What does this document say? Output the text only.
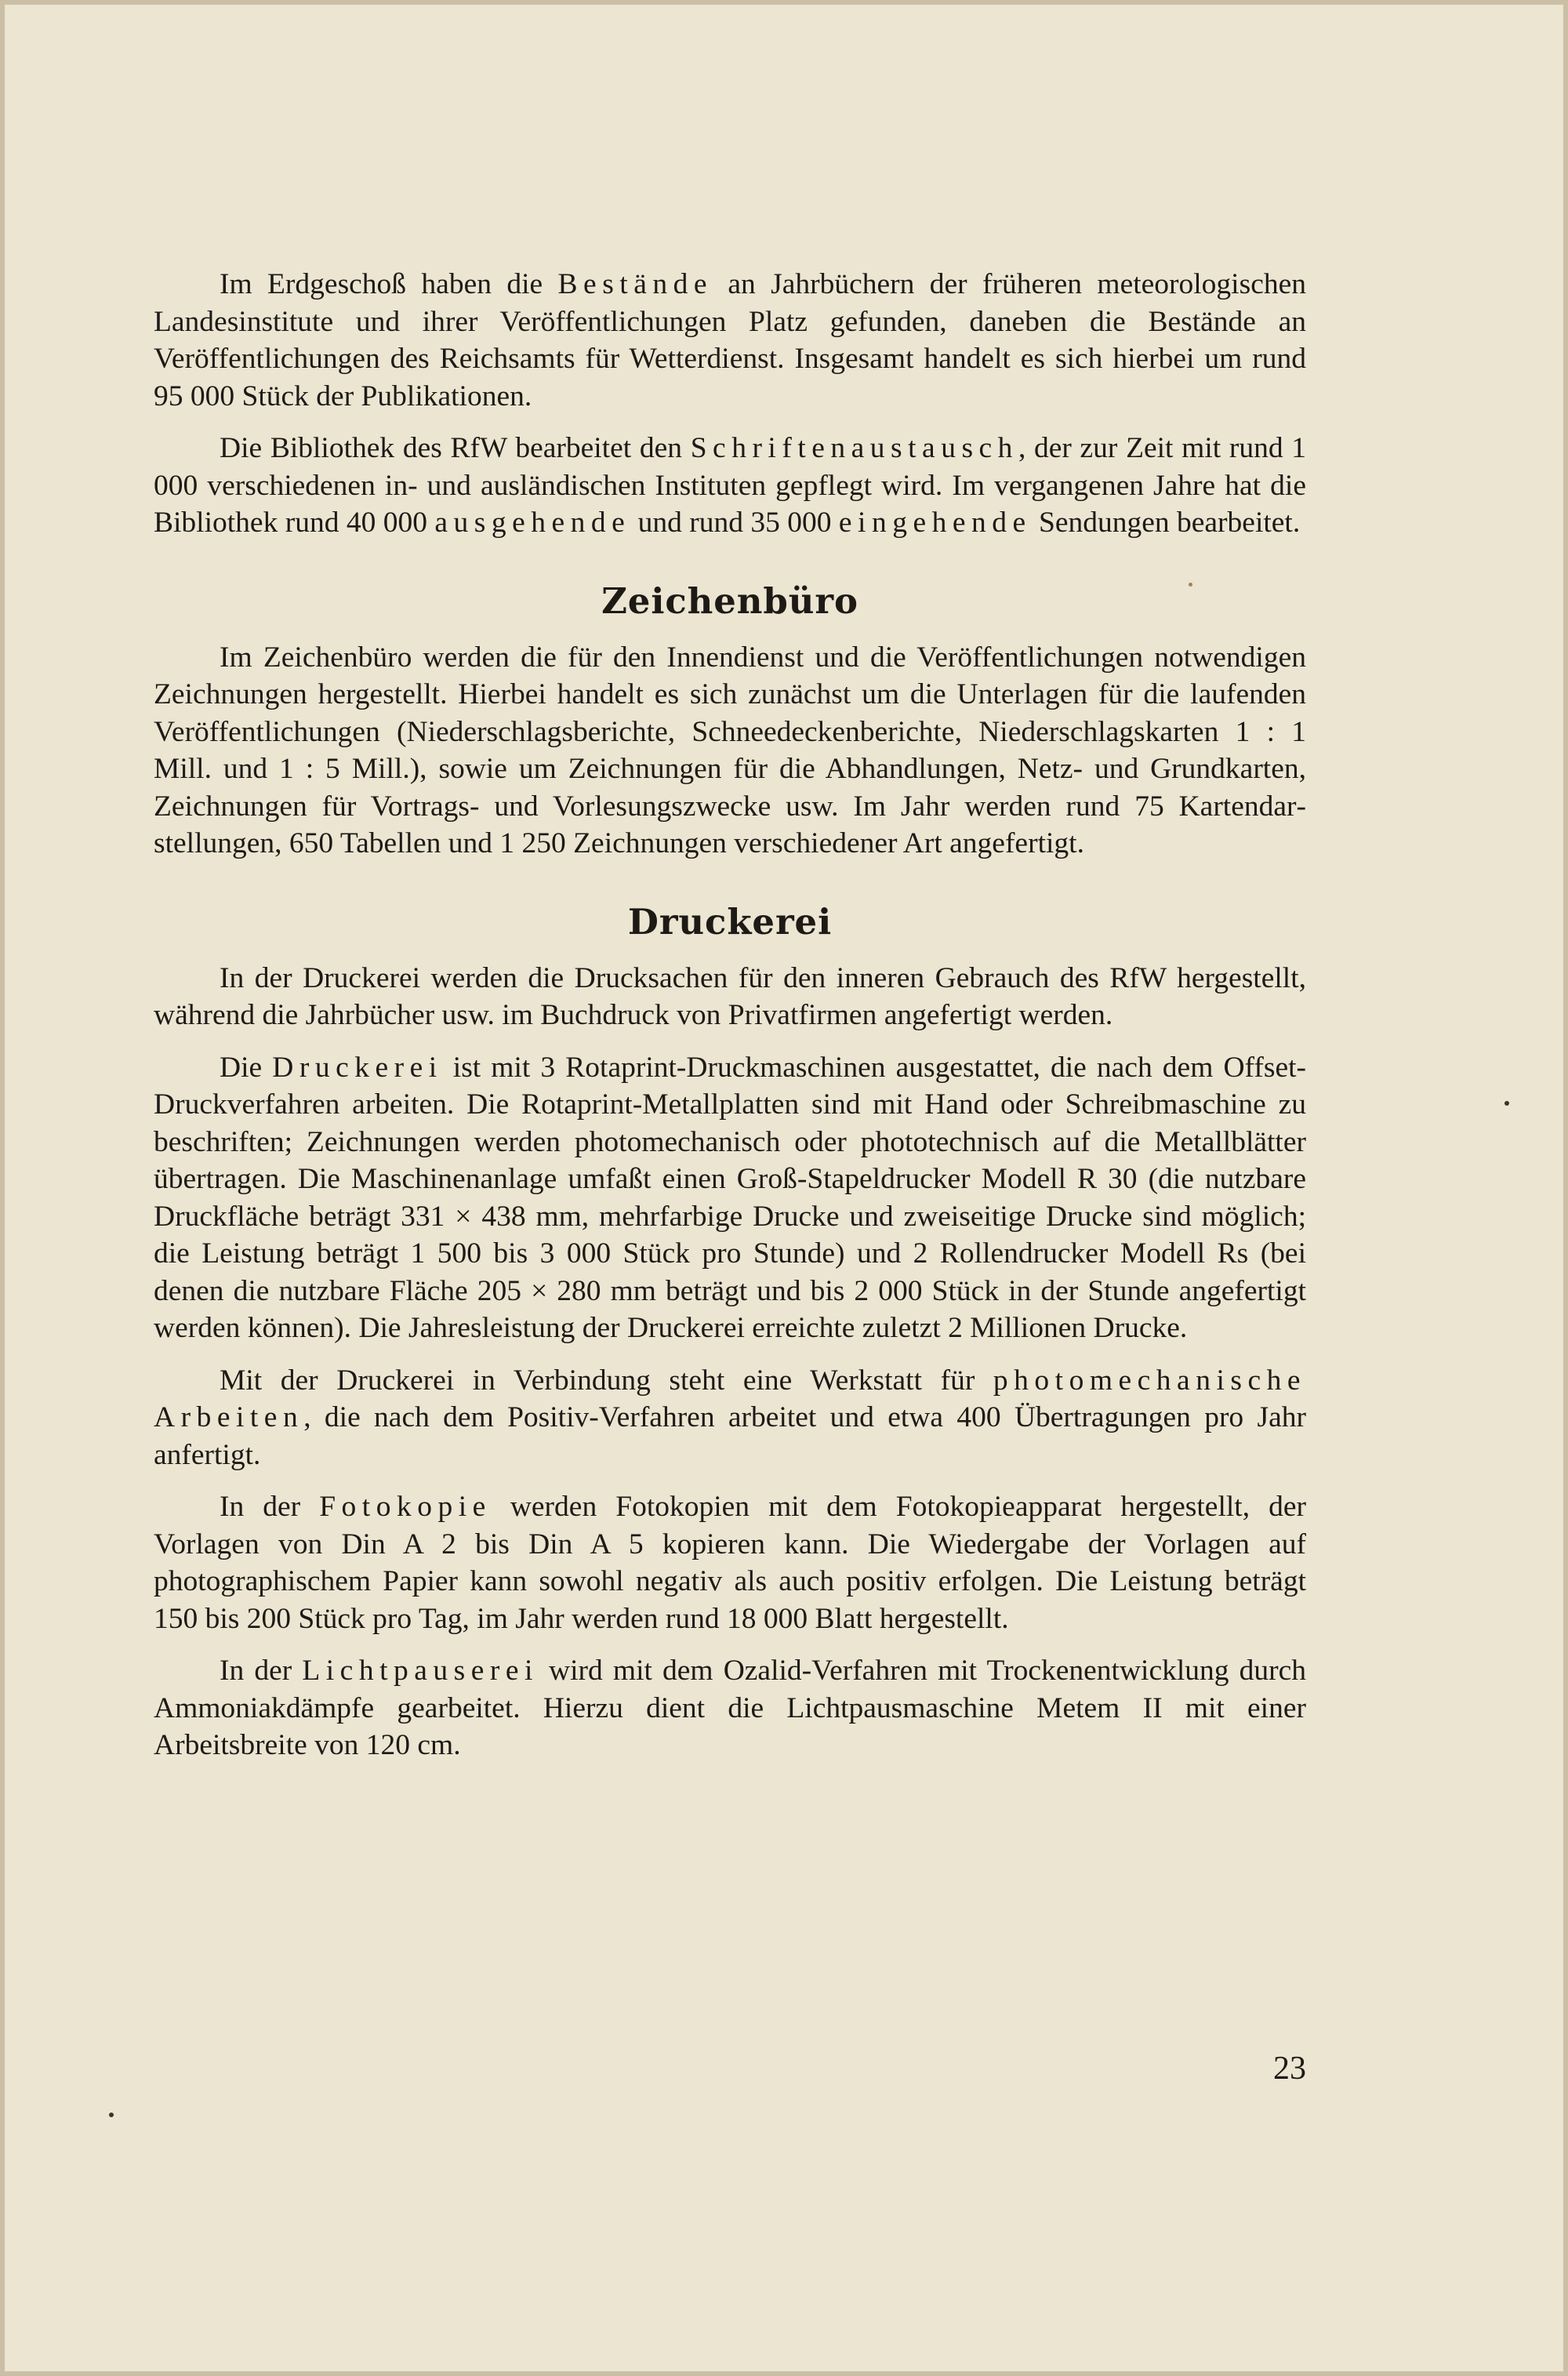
Im Erdgeschoß haben die Bestände an Jahrbüchern der früheren meteorologischen Landesinstitute und ihrer Veröffentlichungen Platz gefunden, daneben die Bestände an Veröffentlichungen des Reichsamts für Wetterdienst. Insgesamt handelt es sich hierbei um rund 95 000 Stück der Publikationen.

Die Bibliothek des RfW bearbeitet den Schriftenaustausch, der zur Zeit mit rund 1 000 verschiedenen in- und ausländischen Instituten gepflegt wird. Im vergangenen Jahre hat die Bibliothek rund 40 000 ausgehende und rund 35 000 eingehende Sendungen bearbeitet.

Zeichenbüro

Im Zeichenbüro werden die für den Innendienst und die Veröffentlichungen notwendigen Zeichnungen hergestellt. Hierbei handelt es sich zunächst um die Unterlagen für die laufenden Veröffentlichungen (Niederschlagsberichte, Schneedeckenberichte, Niederschlagskarten 1 : 1 Mill. und 1 : 5 Mill.), sowie um Zeichnungen für die Abhandlungen, Netz- und Grundkarten, Zeichnungen für Vortrags- und Vorlesungszwecke usw. Im Jahr werden rund 75 Kartendarstellungen, 650 Tabellen und 1 250 Zeichnungen verschiedener Art angefertigt.

Druckerei

In der Druckerei werden die Drucksachen für den inneren Gebrauch des RfW hergestellt, während die Jahrbücher usw. im Buchdruck von Privatfirmen angefertigt werden.

Die Druckerei ist mit 3 Rotaprint-Druckmaschinen ausgestattet, die nach dem Offset-Druckverfahren arbeiten. Die Rotaprint-Metallplatten sind mit Hand oder Schreibmaschine zu beschriften; Zeichnungen werden photomechanisch oder phototechnisch auf die Metallblätter übertragen. Die Maschinenanlage umfaßt einen Groß-Stapeldrucker Modell R 30 (die nutzbare Druckfläche beträgt 331 × 438 mm, mehrfarbige Drucke und zweiseitige Drucke sind möglich; die Leistung beträgt 1 500 bis 3 000 Stück pro Stunde) und 2 Rollendrucker Modell Rs (bei denen die nutzbare Fläche 205 × 280 mm beträgt und bis 2 000 Stück in der Stunde angefertigt werden können). Die Jahresleistung der Druckerei erreichte zuletzt 2 Millionen Drucke.

Mit der Druckerei in Verbindung steht eine Werkstatt für photomechanische Arbeiten, die nach dem Positiv-Verfahren arbeitet und etwa 400 Übertragungen pro Jahr anfertigt.

In der Fotokopie werden Fotokopien mit dem Fotokopieapparat hergestellt, der Vorlagen von Din A 2 bis Din A 5 kopieren kann. Die Wiedergabe der Vorlagen auf photographischem Papier kann sowohl negativ als auch positiv erfolgen. Die Leistung beträgt 150 bis 200 Stück pro Tag, im Jahr werden rund 18 000 Blatt hergestellt.

In der Lichtpauserei wird mit dem Ozalid-Verfahren mit Trockenentwicklung durch Ammoniakdämpfe gearbeitet. Hierzu dient die Lichtpausmaschine Metem II mit einer Arbeitsbreite von 120 cm.

23
